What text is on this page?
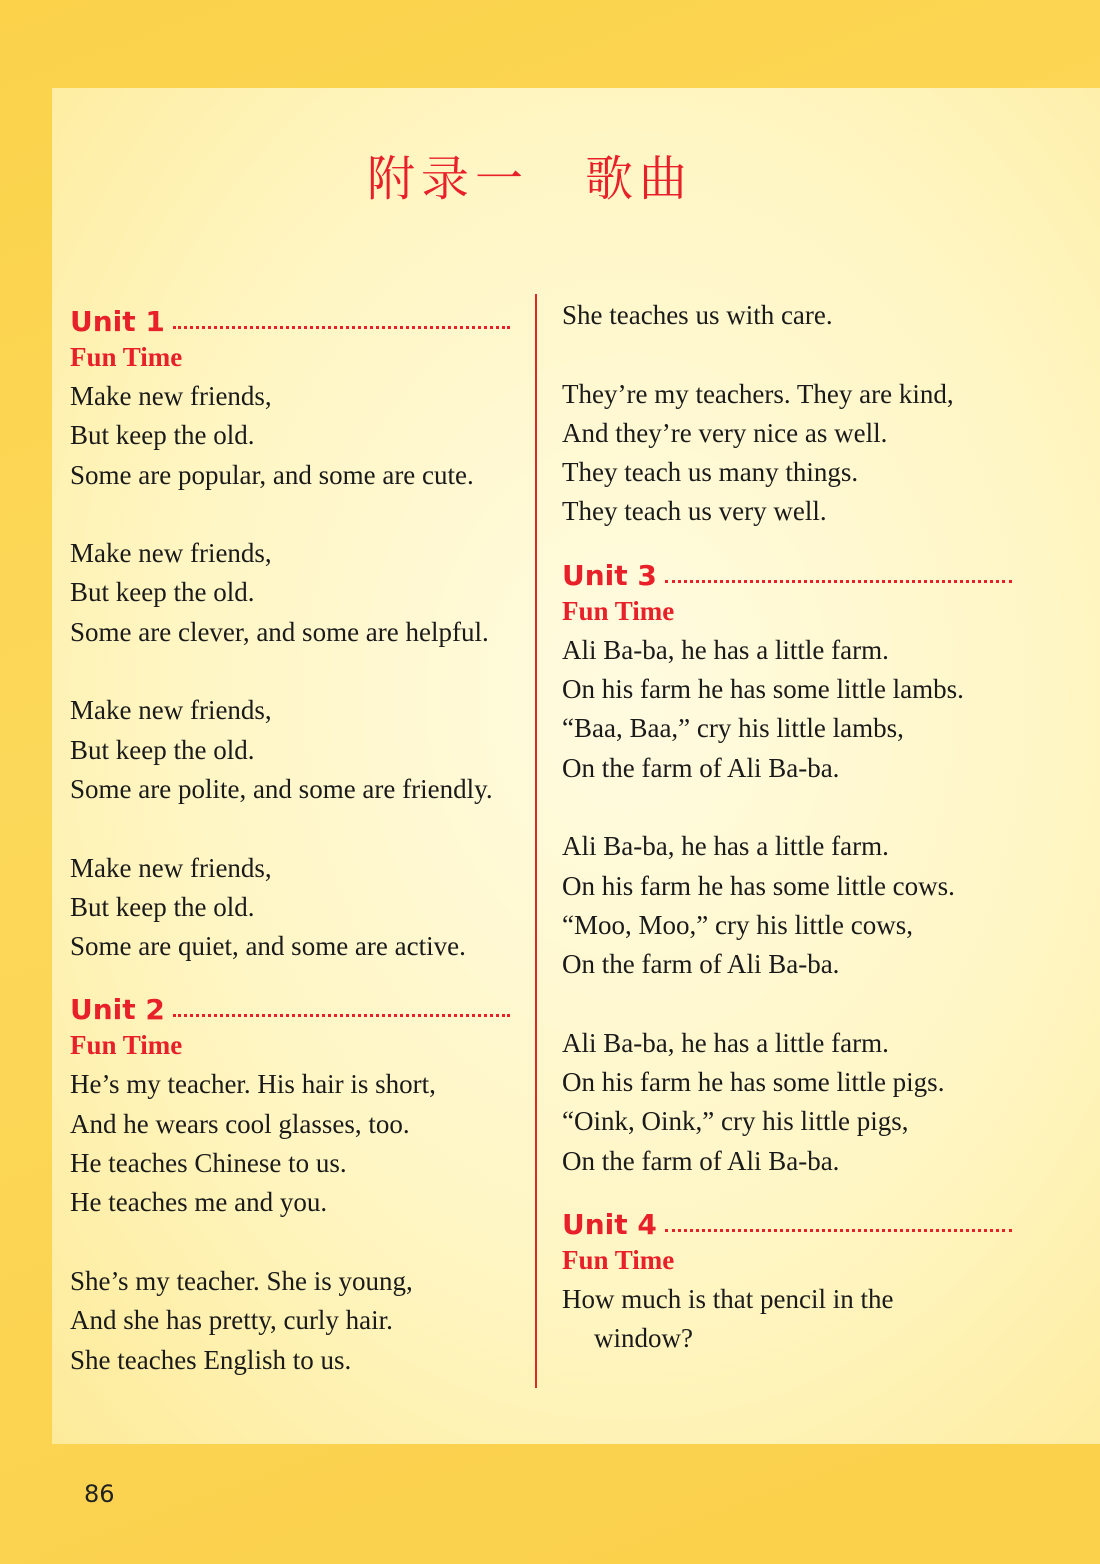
附录一 歌曲
Unit 1
Fun Time
Make new friends,
But keep the old.
Some are popular, and some are cute.
Make new friends,
But keep the old.
Some are clever, and some are helpful.
Make new friends,
But keep the old.
Some are polite, and some are friendly.
Make new friends,
But keep the old.
Some are quiet, and some are active.
Unit 2
Fun Time
He’s my teacher. His hair is short,
And he wears cool glasses, too.
He teaches Chinese to us.
He teaches me and you.
She’s my teacher. She is young,
And she has pretty, curly hair.
She teaches English to us.
She teaches us with care.
They’re my teachers. They are kind,
And they’re very nice as well.
They teach us many things.
They teach us very well.
Unit 3
Fun Time
Ali Ba-ba, he has a little farm.
On his farm he has some little lambs.
“Baa, Baa,” cry his little lambs,
On the farm of Ali Ba-ba.
Ali Ba-ba, he has a little farm.
On his farm he has some little cows.
“Moo, Moo,” cry his little cows,
On the farm of Ali Ba-ba.
Ali Ba-ba, he has a little farm.
On his farm he has some little pigs.
“Oink, Oink,” cry his little pigs,
On the farm of Ali Ba-ba.
Unit 4
Fun Time
How much is that pencil in the
window?
86
